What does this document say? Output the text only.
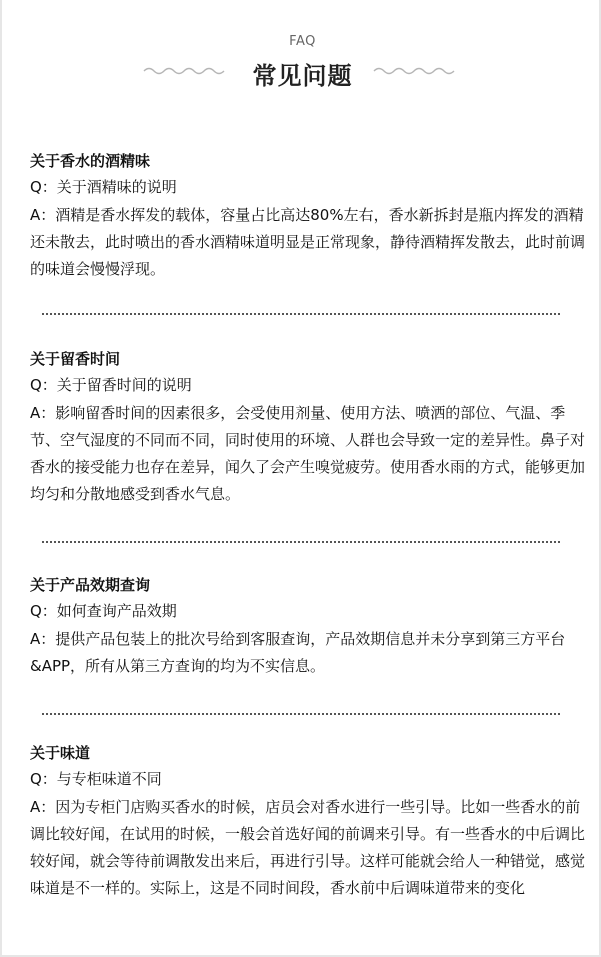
FAQ
常见问题
关于香水的酒精味
Q：关于酒精味的说明
A：酒精是香水挥发的载体，容量占比高达80%左右，香水新拆封是瓶内挥发的酒精还未散去，此时喷出的香水酒精味道明显是正常现象，静待酒精挥发散去，此时前调的味道会慢慢浮现。
关于留香时间
Q：关于留香时间的说明
A：影响留香时间的因素很多，会受使用剂量、使用方法、喷洒的部位、气温、季节、空气湿度的不同而不同，同时使用的环境、人群也会导致一定的差异性。鼻子对香水的接受能力也存在差异，闻久了会产生嗅觉疲劳。使用香水雨的方式，能够更加均匀和分散地感受到香水气息。
关于产品效期查询
Q：如何查询产品效期
A：提供产品包装上的批次号给到客服查询，产品效期信息并未分享到第三方平台&APP，所有从第三方查询的均为不实信息。
关于味道
Q：与专柜味道不同
A：因为专柜门店购买香水的时候，店员会对香水进行一些引导。比如一些香水的前调比较好闻，在试用的时候，一般会首选好闻的前调来引导。有一些香水的中后调比较好闻，就会等待前调散发出来后，再进行引导。这样可能就会给人一种错觉，感觉味道是不一样的。实际上，这是不同时间段，香水前中后调味道带来的变化
